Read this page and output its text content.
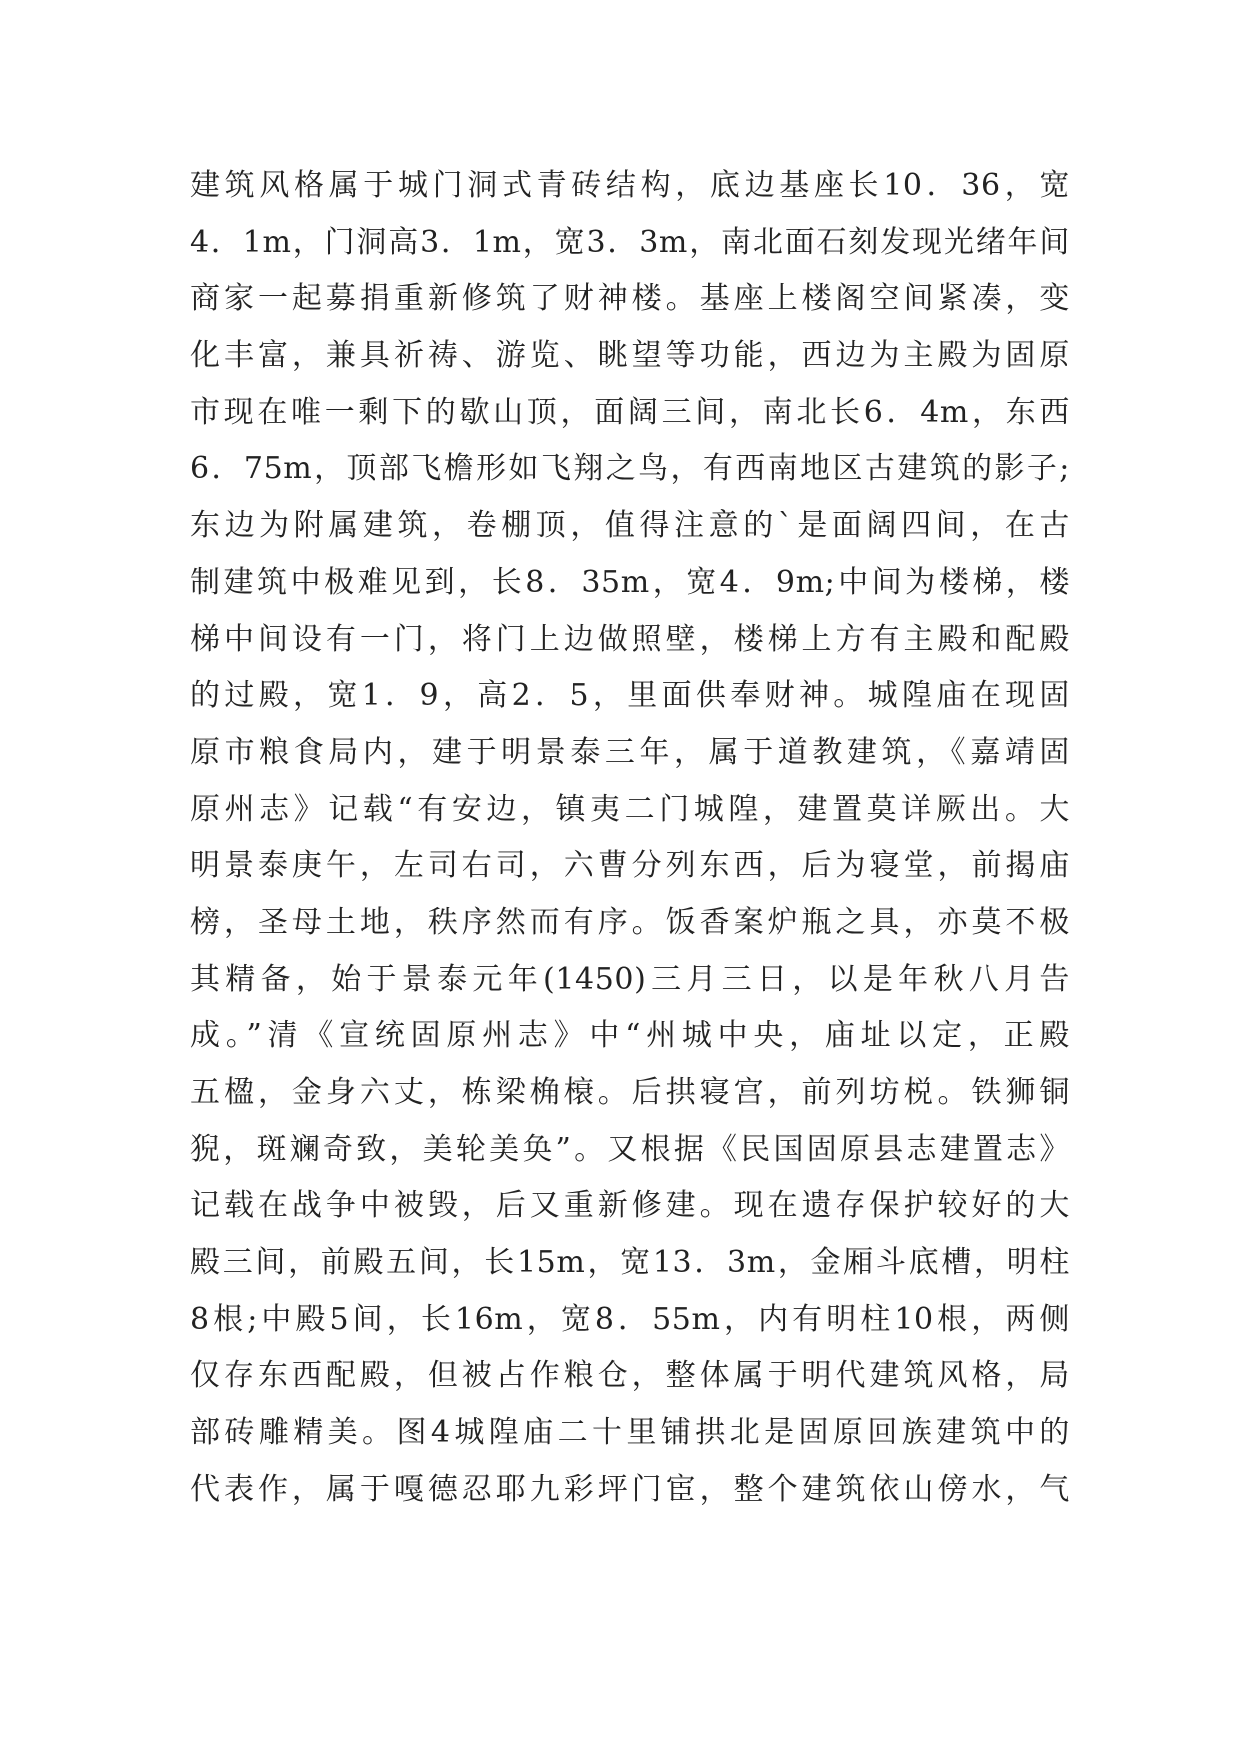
建筑风格属于城门洞式青砖结构，底边基座长10．36，宽
4．1m，门洞高3．1m，宽3．3m，南北面石刻发现光绪年间
商家一起募捐重新修筑了财神楼。基座上楼阁空间紧凑，变
化丰富，兼具祈祷、游览、眺望等功能，西边为主殿为固原
市现在唯一剩下的歇山顶，面阔三间，南北长6．4m，东西
6．75m，顶部飞檐形如飞翔之鸟，有西南地区古建筑的影子;
东边为附属建筑，卷棚顶，值得注意的`是面阔四间，在古
制建筑中极难见到，长8．35m，宽4．9m;中间为楼梯，楼
梯中间设有一门，将门上边做照壁，楼梯上方有主殿和配殿
的过殿，宽1．9，高2．5，里面供奉财神。城隍庙在现固
原市粮食局内，建于明景泰三年，属于道教建筑，《嘉靖固
原州志》记载“有安边，镇夷二门城隍，建置莫详厥出。大
明景泰庚午，左司右司，六曹分列东西，后为寝堂，前揭庙
榜，圣母土地，秩序然而有序。饭香案炉瓶之具，亦莫不极
其精备，始于景泰元年(1450)三月三日，以是年秋八月告
成。”清《宣统固原州志》中“州城中央，庙址以定，正殿
五楹，金身六丈，栋梁桷榱。后拱寝宫，前列坊棁。铁狮铜
猊，斑斓奇致，美轮美奂”。又根据《民国固原县志建置志》
记载在战争中被毁，后又重新修建。现在遗存保护较好的大
殿三间，前殿五间，长15m，宽13．3m，金厢斗底槽，明柱
8根;中殿5间，长16m，宽8．55m，内有明柱10根，两侧
仅存东西配殿，但被占作粮仓，整体属于明代建筑风格，局
部砖雕精美。图4城隍庙二十里铺拱北是固原回族建筑中的
代表作，属于嘎德忍耶九彩坪门宦，整个建筑依山傍水，气
